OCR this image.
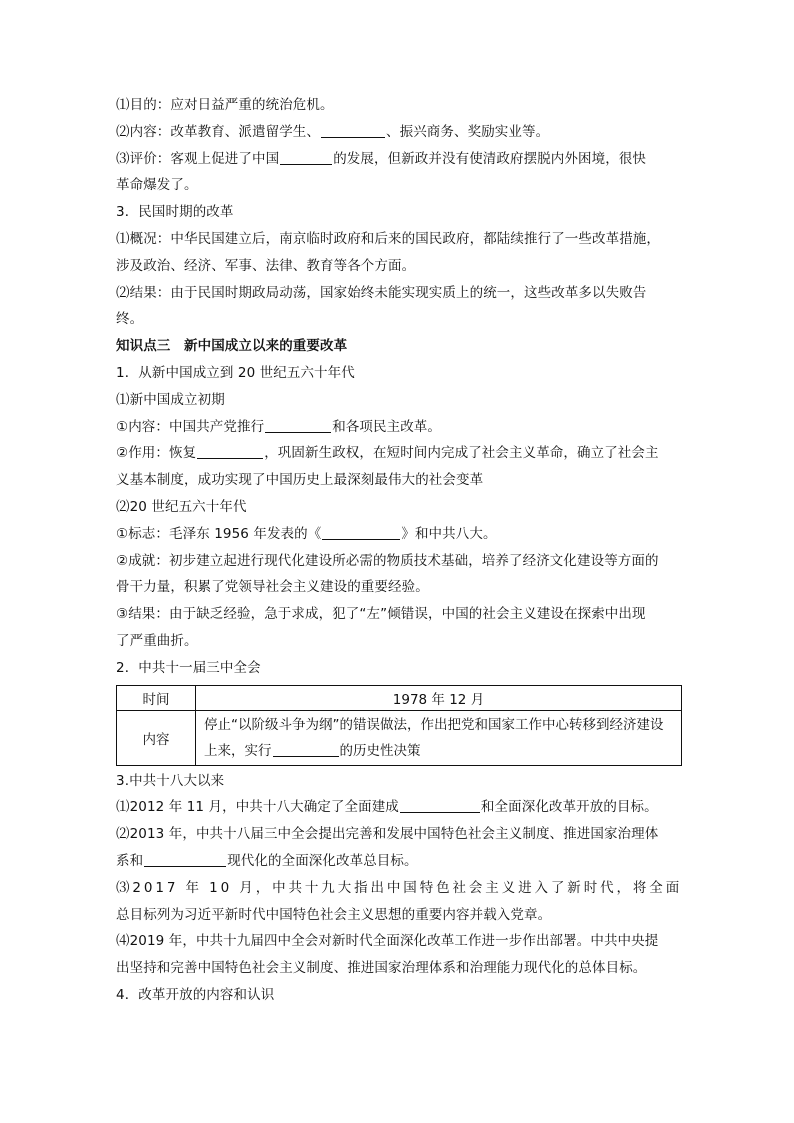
⑴目的：应对日益严重的统治危机。
⑵内容：改革教育、派遣留学生、	、振兴商务、奖励实业等。
⑶评价：客观上促进了中国	的发展，但新政并没有使清政府摆脱内外困境，很快
革命爆发了。
3．民国时期的改革
⑴概况：中华民国建立后，南京临时政府和后来的国民政府，都陆续推行了一些改革措施，
涉及政治、经济、军事、法律、教育等各个方面。
⑵结果：由于民国时期政局动荡，国家始终未能实现实质上的统一，这些改革多以失败告
终。
知识点三　新中国成立以来的重要改革
1．从新中国成立到 20 世纪五六十年代
⑴新中国成立初期
①内容：中国共产党推行	和各项民主改革。
②作用：恢复	，巩固新生政权，在短时间内完成了社会主义革命，确立了社会主
义基本制度，成功实现了中国历史上最深刻最伟大的社会变革
⑵20 世纪五六十年代
①标志：毛泽东 1956 年发表的《	》和中共八大。
②成就：初步建立起进行现代化建设所必需的物质技术基础，培养了经济文化建设等方面的
骨干力量，积累了党领导社会主义建设的重要经验。
③结果：由于缺乏经验，急于求成，犯了“左”倾错误，中国的社会主义建设在探索中出现
了严重曲折。
2．中共十一届三中全会
时间	1978 年 12 月
内容	停止“以阶级斗争为纲”的错误做法，作出把党和国家工作中心转移到经济建设上来，实行 的历史性决策
3.中共十八大以来
⑴2012 年 11 月，中共十八大确定了全面建成	和全面深化改革开放的目标。
⑵2013 年，中共十八届三中全会提出完善和发展中国特色社会主义制度、推进国家治理体
系和	现代化的全面深化改革总目标。
⑶2017 年 10 月，中共十九大指出中国特色社会主义进入了新时代，将全面
总目标列为习近平新时代中国特色社会主义思想的重要内容并载入党章。
⑷2019 年，中共十九届四中全会对新时代全面深化改革工作进一步作出部署。中共中央提
出坚持和完善中国特色社会主义制度、推进国家治理体系和治理能力现代化的总体目标。
4．改革开放的内容和认识
